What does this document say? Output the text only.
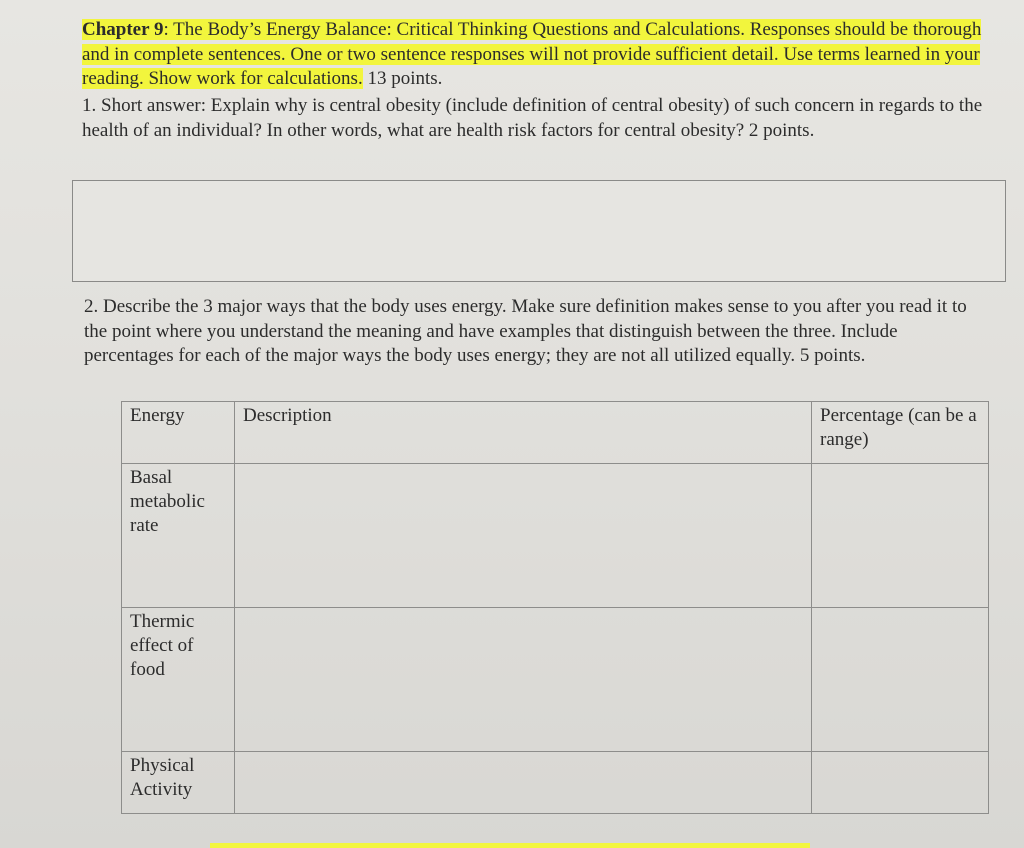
Chapter 9: The Body’s Energy Balance: Critical Thinking Questions and Calculations. Responses should be thorough and in complete sentences. One or two sentence responses will not provide sufficient detail. Use terms learned in your reading. Show work for calculations. 13 points.
1. Short answer: Explain why is central obesity (include definition of central obesity) of such concern in regards to the health of an individual? In other words, what are health risk factors for central obesity? 2 points.
2. Describe the 3 major ways that the body uses energy. Make sure definition makes sense to you after you read it to the point where you understand the meaning and have examples that distinguish between the three. Include percentages for each of the major ways the body uses energy; they are not all utilized equally. 5 points.
Energy	Description	Percentage (can be a range)
Basal metabolic rate		
Thermic effect of food		
Physical Activity		
